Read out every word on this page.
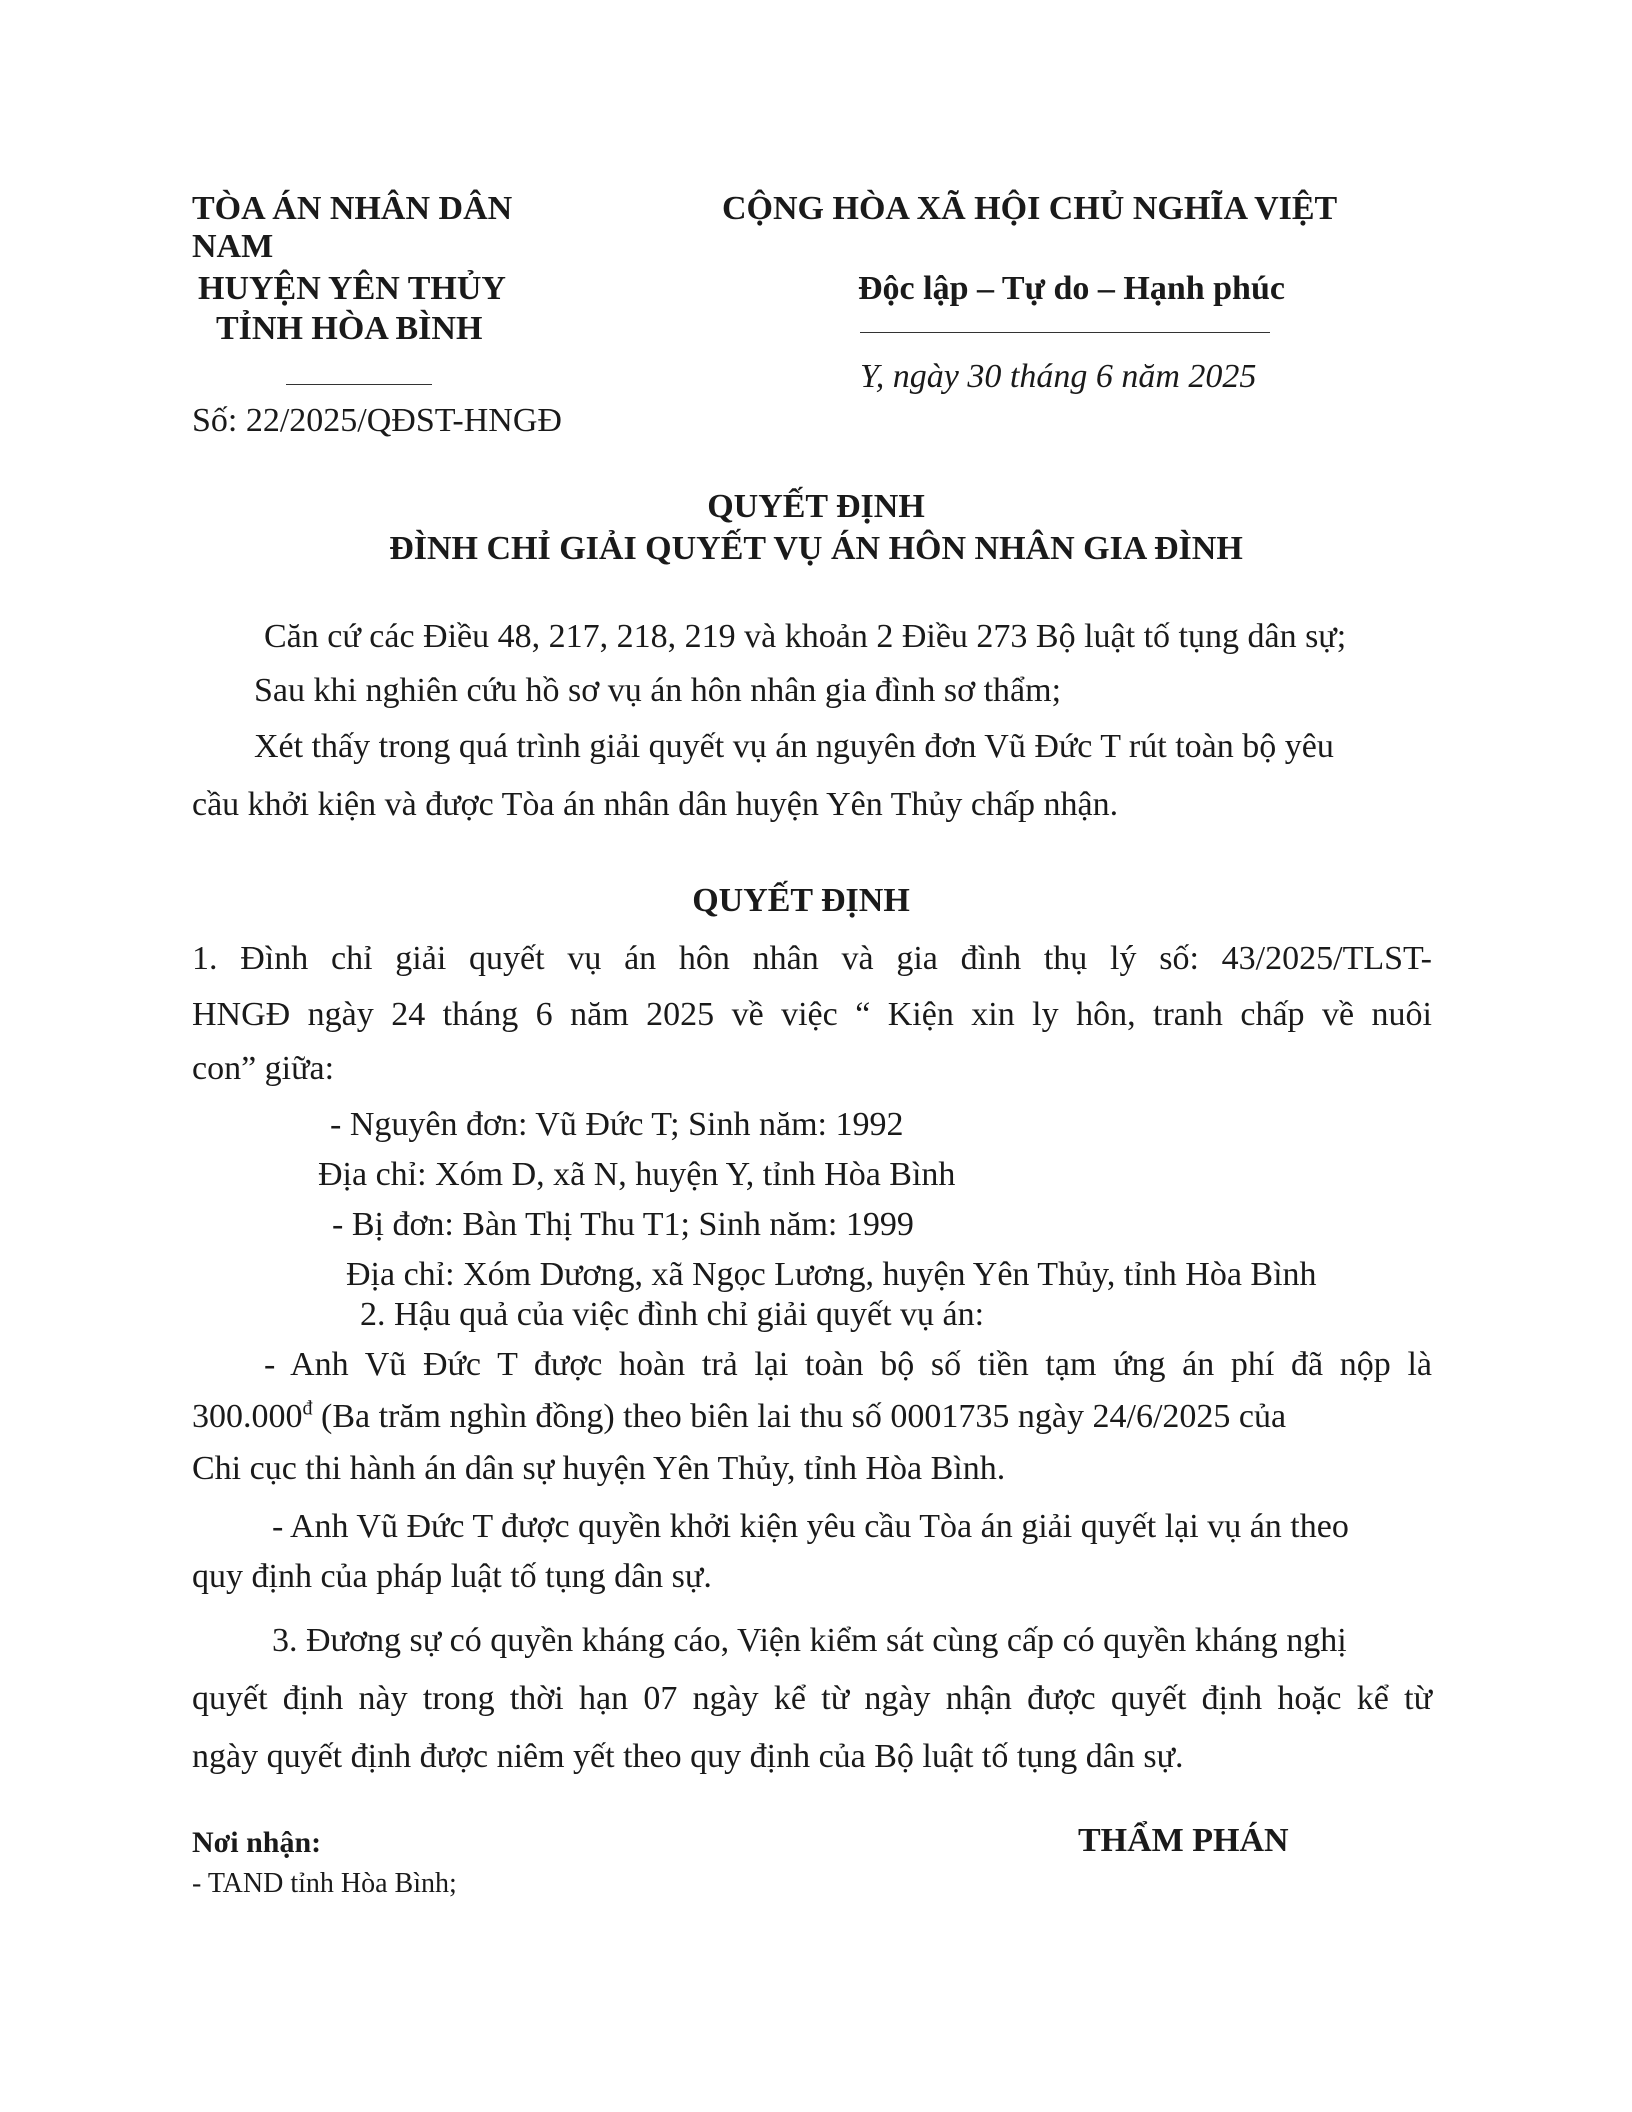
TÒA ÁN NHÂN DÂN
NAM
HUYỆN YÊN THỦY
TỈNH HÒA BÌNH
Số: 22/2025/QĐST-HNGĐ
CỘNG HÒA XÃ HỘI CHỦ NGHĨA VIỆT
Độc lập – Tự do – Hạnh phúc
Y, ngày 30 tháng 6 năm 2025
QUYẾT ĐỊNH
ĐÌNH CHỈ GIẢI QUYẾT VỤ ÁN HÔN NHÂN GIA ĐÌNH
Căn cứ các Điều 48, 217, 218, 219 và khoản 2 Điều 273 Bộ luật tố tụng dân sự;
Sau khi nghiên cứu hồ sơ vụ án hôn nhân gia đình sơ thẩm;
Xét thấy trong quá trình giải quyết vụ án nguyên đơn Vũ Đức T rút toàn bộ yêu
cầu khởi kiện và được Tòa án nhân dân huyện Yên Thủy chấp nhận.
QUYẾT ĐỊNH
1. Đình chỉ giải quyết vụ án hôn nhân và gia đình thụ lý số: 43/2025/TLST-
HNGĐ ngày 24 tháng 6 năm 2025 về việc “ Kiện xin ly hôn, tranh chấp về nuôi
con” giữa:
- Nguyên đơn: Vũ Đức T; Sinh năm: 1992
Địa chỉ: Xóm D, xã N, huyện Y, tỉnh Hòa Bình
- Bị đơn: Bàn Thị Thu T1; Sinh năm: 1999
Địa chỉ: Xóm Dương, xã Ngọc Lương, huyện Yên Thủy, tỉnh Hòa Bình
2. Hậu quả của việc đình chỉ giải quyết vụ án:
- Anh Vũ Đức T được hoàn trả lại toàn bộ số tiền tạm ứng án phí đã nộp là
$300.000^đ$ (Ba trăm nghìn đồng) theo biên lai thu số 0001735 ngày 24/6/2025 của
Chi cục thi hành án dân sự huyện Yên Thủy, tỉnh Hòa Bình.
- Anh Vũ Đức T được quyền khởi kiện yêu cầu Tòa án giải quyết lại vụ án theo
quy định của pháp luật tố tụng dân sự.
3. Đương sự có quyền kháng cáo, Viện kiểm sát cùng cấp có quyền kháng nghị
quyết định này trong thời hạn 07 ngày kể từ ngày nhận được quyết định hoặc kể từ
ngày quyết định được niêm yết theo quy định của Bộ luật tố tụng dân sự.
Nơi nhận:
- TAND tỉnh Hòa Bình;
THẨM PHÁN
